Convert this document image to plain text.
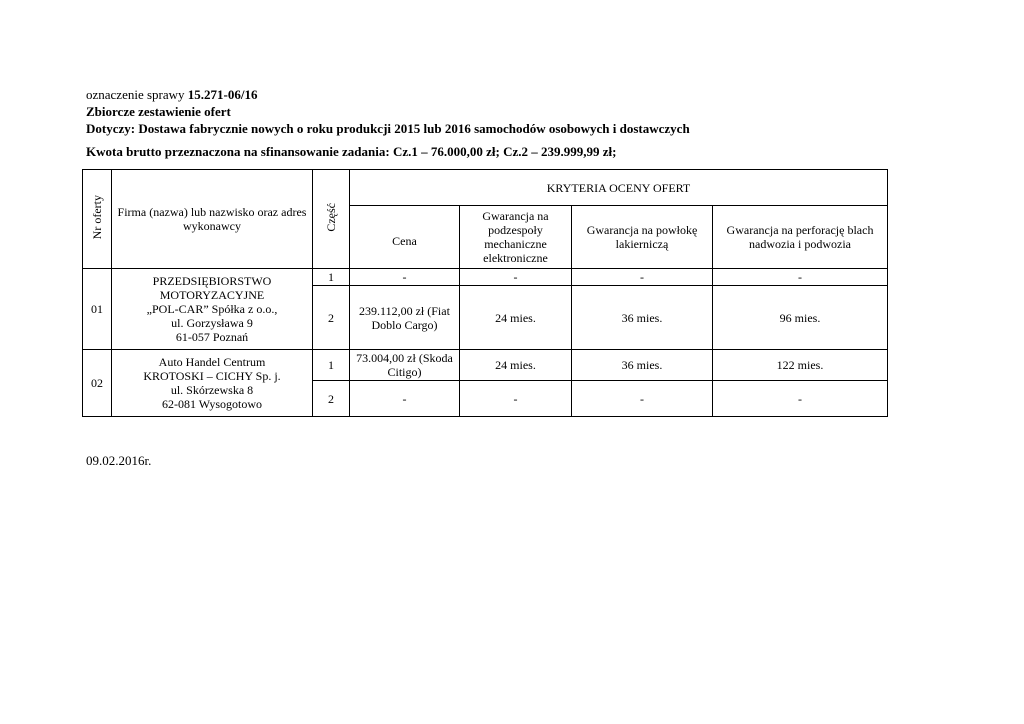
oznaczenie sprawy 15.271-06/16
Zbiorcze zestawienie ofert
Dotyczy: Dostawa fabrycznie nowych o roku produkcji 2015 lub 2016 samochodów osobowych i dostawczych
Kwota brutto przeznaczona na sfinansowanie zadania: Cz.1 – 76.000,00 zł; Cz.2 – 239.999,99 zł;
Nr oferty	Firma (nazwa) lub nazwisko oraz adres wykonawcy	Część	KRYTERIA OCENY OFERT			
			Cena	Gwarancja na podzespoły mechaniczne elektroniczne	Gwarancja na powłokę lakierniczą	Gwarancja na perforację blach nadwozia i podwozia
01	PRZEDSIĘBIORSTWO
MOTORYZACYJNE
„POL-CAR” Spółka z o.o.,
ul. Gorzysława 9
61-057 Poznań	1	-	-	-	-
		2	239.112,00 zł (Fiat Doblo Cargo)	24 mies.	36 mies.	96 mies.
02	Auto Handel Centrum
KROTOSKI – CICHY Sp. j.
ul. Skórzewska 8
62-081 Wysogotowo	1	73.004,00 zł (Skoda Citigo)	24 mies.	36 mies.	122 mies.
		2	-	-	-	-
09.02.2016r.
